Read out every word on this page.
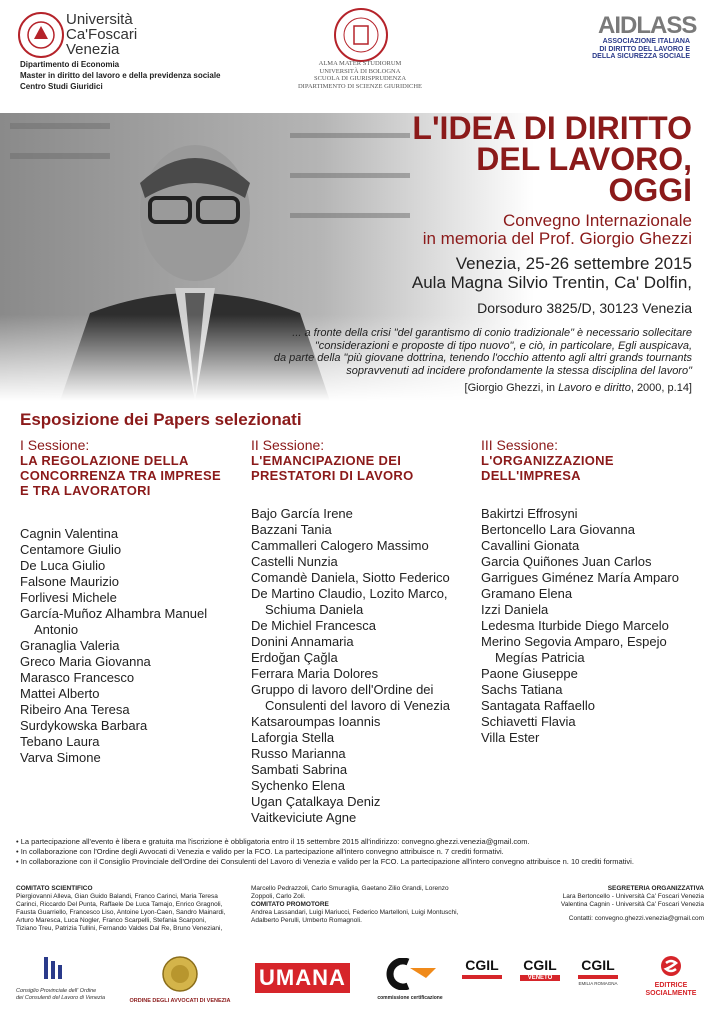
Università
Ca'Foscari
Venezia
Dipartimento di Economia
Master in diritto del lavoro e della previdenza sociale
Centro Studi Giuridici
ALMA MATER STUDIORUM
UNIVERSITÀ DI BOLOGNA
SCUOLA DI GIURISPRUDENZA
DIPARTIMENTO DI SCIENZE GIURIDICHE
AIDLASS
ASSOCIAZIONE ITALIANA
DI DIRITTO DEL LAVORO E
DELLA SICUREZZA SOCIALE
L'IDEA DI DIRITTO
DEL LAVORO,
OGGI
Convegno Internazionale
in memoria del Prof. Giorgio Ghezzi
Venezia, 25-26 settembre 2015
Aula Magna Silvio Trentin, Ca' Dolfin,
Dorsoduro 3825/D, 30123 Venezia
... a fronte della crisi "del garantismo di conio tradizionale" è necessario sollecitare
"considerazioni e proposte di tipo nuovo", e ciò, in particolare, Egli auspicava,
da parte della "più giovane dottrina, tenendo l'occhio attento agli altri grands tournants
sopravvenuti ad incidere profondamente la stessa disciplina del lavoro"
[Giorgio Ghezzi, in Lavoro e diritto, 2000, p.14]
Esposizione dei Papers selezionati
I Sessione:
LA REGOLAZIONE DELLA
CONCORRENZA TRA IMPRESE
E TRA LAVORATORI
Cagnin Valentina
Centamore Giulio
De Luca Giulio
Falsone Maurizio
Forlivesi Michele
García-Muñoz Alhambra Manuel
Antonio
Granaglia Valeria
Greco Maria Giovanna
Marasco Francesco
Mattei Alberto
Ribeiro Ana Teresa
Surdykowska Barbara
Tebano Laura
Varva Simone
II Sessione:
L'EMANCIPAZIONE DEI
PRESTATORI DI LAVORO
Bajo García Irene
Bazzani Tania
Cammalleri Calogero Massimo
Castelli Nunzia
Comandè Daniela, Siotto Federico
De Martino Claudio, Lozito Marco,
Schiuma Daniela
De Michiel Francesca
Donini Annamaria
Erdoğan Çağla
Ferrara Maria Dolores
Gruppo di lavoro dell'Ordine dei
Consulenti del lavoro di Venezia
Katsaroumpas Ioannis
Laforgia Stella
Russo Marianna
Sambati Sabrina
Sychenko Elena
Ugan Çatalkaya Deniz
Vaitkeviciute Agne
III Sessione:
L'ORGANIZZAZIONE
DELL'IMPRESA
Bakirtzi Effrosyni
Bertoncello Lara Giovanna
Cavallini Gionata
Garcia Quiñones Juan Carlos
Garrigues Giménez María Amparo
Gramano Elena
Izzi Daniela
Ledesma Iturbide Diego Marcelo
Merino Segovia Amparo, Espejo
Megías Patricia
Paone Giuseppe
Sachs Tatiana
Santagata Raffaello
Schiavetti Flavia
Villa Ester
• La partecipazione all'evento è libera e gratuita ma l'iscrizione è obbligatoria entro il 15 settembre 2015 all'indirizzo: convegno.ghezzi.venezia@gmail.com.
• In collaborazione con l'Ordine degli Avvocati di Venezia e valido per la FCO. La partecipazione all'intero convegno attribuisce n. 7 crediti formativi.
• In collaborazione con il Consiglio Provinciale dell'Ordine dei Consulenti del Lavoro di Venezia e valido per la FCO. La partecipazione all'intero convegno attribuisce n. 10 crediti formativi.
COMITATO SCIENTIFICO
Piergiovanni Alleva, Gian Guido Balandi, Franco Carinci, Maria Teresa
Carinci, Riccardo Del Punta, Raffaele De Luca Tamajo, Enrico Gragnoli,
Fausta Guarriello, Francesco Liso, Antoine Lyon-Caen, Sandro Mainardi,
Arturo Maresca, Luca Nogler, Franco Scarpelli, Stefania Scarponi,
Tiziano Treu, Patrizia Tullini, Fernando Valdes Dal Re, Bruno Veneziani,
Marcello Pedrazzoli, Carlo Smuraglia, Gaetano Zilio Grandi, Lorenzo
Zoppoli, Carlo Zoli.
COMITATO PROMOTORE
Andrea Lassandari, Luigi Mariucci, Federico Martelloni, Luigi Montuschi,
Adalberto Perulli, Umberto Romagnoli.
SEGRETERIA ORGANIZZATIVA
Lara Bertoncello - Università Ca' Foscari Venezia
Valentina Cagnin - Università Ca' Foscari Venezia
Contatti: convegno.ghezzi.venezia@gmail.com
Consiglio Provinciale dell' Ordine
dei Consulenti del Lavoro di Venezia
ORDINE DEGLI AVVOCATI DI VENEZIA
UMANA
commissione certificazione
CGIL CGIL
VENETO
CGIL
EMILIA ROMAGNA	EDITRICE
SOCIALMENTE
